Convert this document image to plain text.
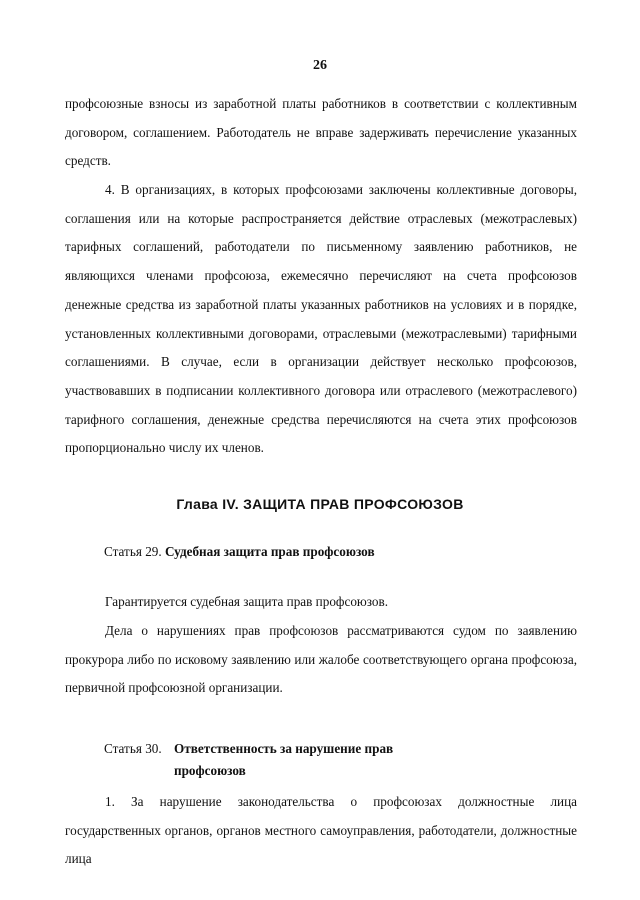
26

профсоюзные взносы из заработной платы работников в соответствии с коллективным договором, соглашением. Работодатель не вправе задерживать перечисление указанных средств.

4. В организациях, в которых профсоюзами заключены коллективные договоры, соглашения или на которые распространяется действие отраслевых (межотраслевых) тарифных соглашений, работодатели по письменному заявлению работников, не являющихся членами профсоюза, ежемесячно перечисляют на счета профсоюзов денежные средства из заработной платы указанных работников на условиях и в порядке, установленных коллективными договорами, отраслевыми (межотраслевыми) тарифными соглашениями. В случае, если в организации действует несколько профсоюзов, участвовавших в подписании коллективного договора или отраслевого (межотраслевого) тарифного соглашения, денежные средства перечисляются на счета этих профсоюзов пропорционально числу их членов.

Глава IV. ЗАЩИТА ПРАВ ПРОФСОЮЗОВ
Статья 29. Судебная защита прав профсоюзов

Гарантируется судебная защита прав профсоюзов.

Дела о нарушениях прав профсоюзов рассматриваются судом по заявлению прокурора либо по исковому заявлению или жалобе соответствующего органа профсоюза, первичной профсоюзной организации.

Статья 30. Ответственность за нарушение прав профсоюзов

1. За нарушение законодательства о профсоюзах должностные лица государственных органов, органов местного самоуправления, работодатели, должностные лица
